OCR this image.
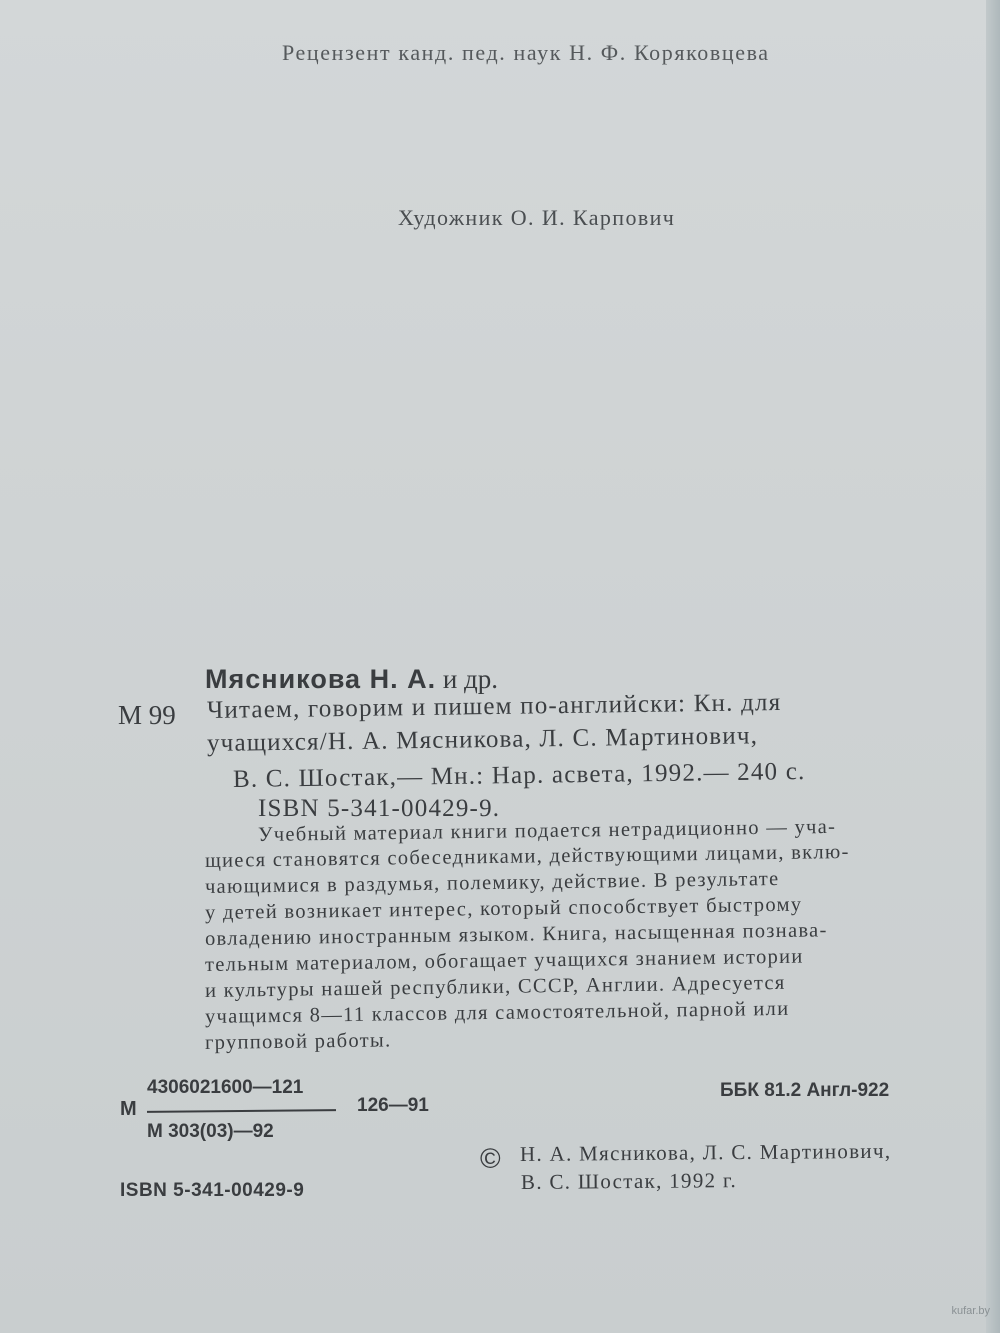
Рецензент канд. пед. наук Н. Ф. Коряковцева
Художник О. И. Карпович
Мясникова Н. А. и др.
М 99 Читаем, говорим и пишем по-английски: Кн. для
учащихся/Н. А. Мясникова, Л. С. Мартинович,
В. С. Шостак,— Мн.: Нар. асвета, 1992.— 240 с.
ISBN 5-341-00429-9.
Учебный материал книги подается нетрадиционно — уча-
щиеся становятся собеседниками, действующими лицами, вклю-
чающимися в раздумья, полемику, действие. В результате
у детей возникает интерес, который способствует быстрому
овладению иностранным языком. Книга, насыщенная познава-
тельным материалом, обогащает учащихся знанием истории
и культуры нашей республики, СССР, Англии. Адресуется
учащимся 8—11 классов для самостоятельной, парной или
групповой работы.
М
4306021600—121
М 303(03)—92
126—91
ББК 81.2 Англ-922
ISBN 5-341-00429-9
© Н. А. Мясникова, Л. С. Мартинович,
В. С. Шостак, 1992 г.
kufar.by
